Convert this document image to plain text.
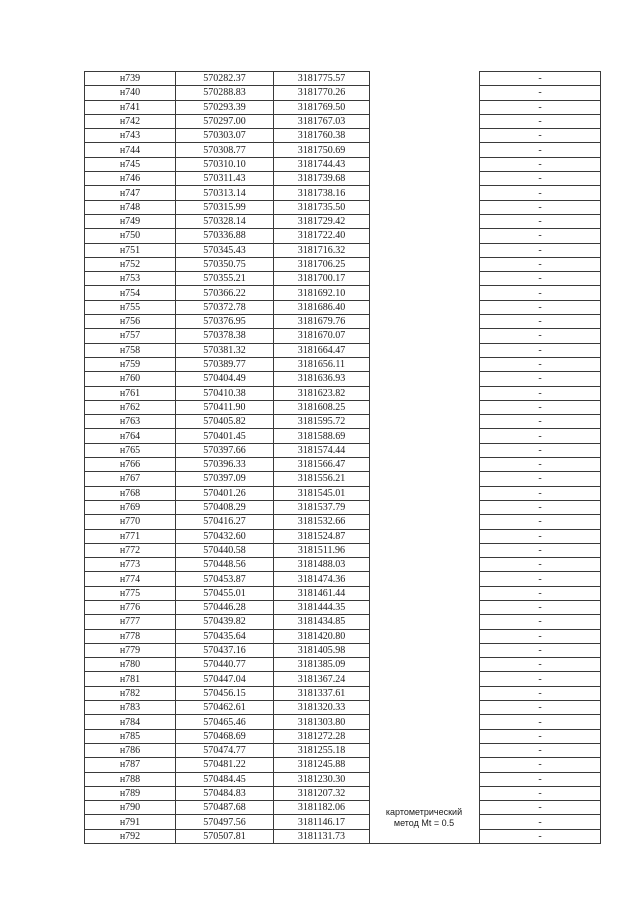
н739	570282.37	3181775.57		-
н740	570288.83	3181770.26		-
н741	570293.39	3181769.50		-
н742	570297.00	3181767.03		-
н743	570303.07	3181760.38		-
н744	570308.77	3181750.69		-
н745	570310.10	3181744.43		-
н746	570311.43	3181739.68		-
н747	570313.14	3181738.16		-
н748	570315.99	3181735.50		-
н749	570328.14	3181729.42		-
н750	570336.88	3181722.40		-
н751	570345.43	3181716.32		-
н752	570350.75	3181706.25		-
н753	570355.21	3181700.17		-
н754	570366.22	3181692.10		-
н755	570372.78	3181686.40		-
н756	570376.95	3181679.76		-
н757	570378.38	3181670.07		-
н758	570381.32	3181664.47		-
н759	570389.77	3181656.11		-
н760	570404.49	3181636.93		-
н761	570410.38	3181623.82		-
н762	570411.90	3181608.25		-
н763	570405.82	3181595.72		-
н764	570401.45	3181588.69		-
н765	570397.66	3181574.44		-
н766	570396.33	3181566.47		-
н767	570397.09	3181556.21		-
н768	570401.26	3181545.01		-
н769	570408.29	3181537.79		-
н770	570416.27	3181532.66		-
н771	570432.60	3181524.87		-
н772	570440.58	3181511.96		-
н773	570448.56	3181488.03		-
н774	570453.87	3181474.36		-
н775	570455.01	3181461.44		-
н776	570446.28	3181444.35		-
н777	570439.82	3181434.85		-
н778	570435.64	3181420.80		-
н779	570437.16	3181405.98		-
н780	570440.77	3181385.09		-
н781	570447.04	3181367.24		-
н782	570456.15	3181337.61		-
н783	570462.61	3181320.33		-
н784	570465.46	3181303.80		-
н785	570468.69	3181272.28		-
н786	570474.77	3181255.18		-
н787	570481.22	3181245.88		-
н788	570484.45	3181230.30		-
н789	570484.83	3181207.32		-
н790	570487.68	3181182.06		-
н791	570497.56	3181146.17		-
н792	570507.81	3181131.73		-
картометрический
метод Mt = 0.5
